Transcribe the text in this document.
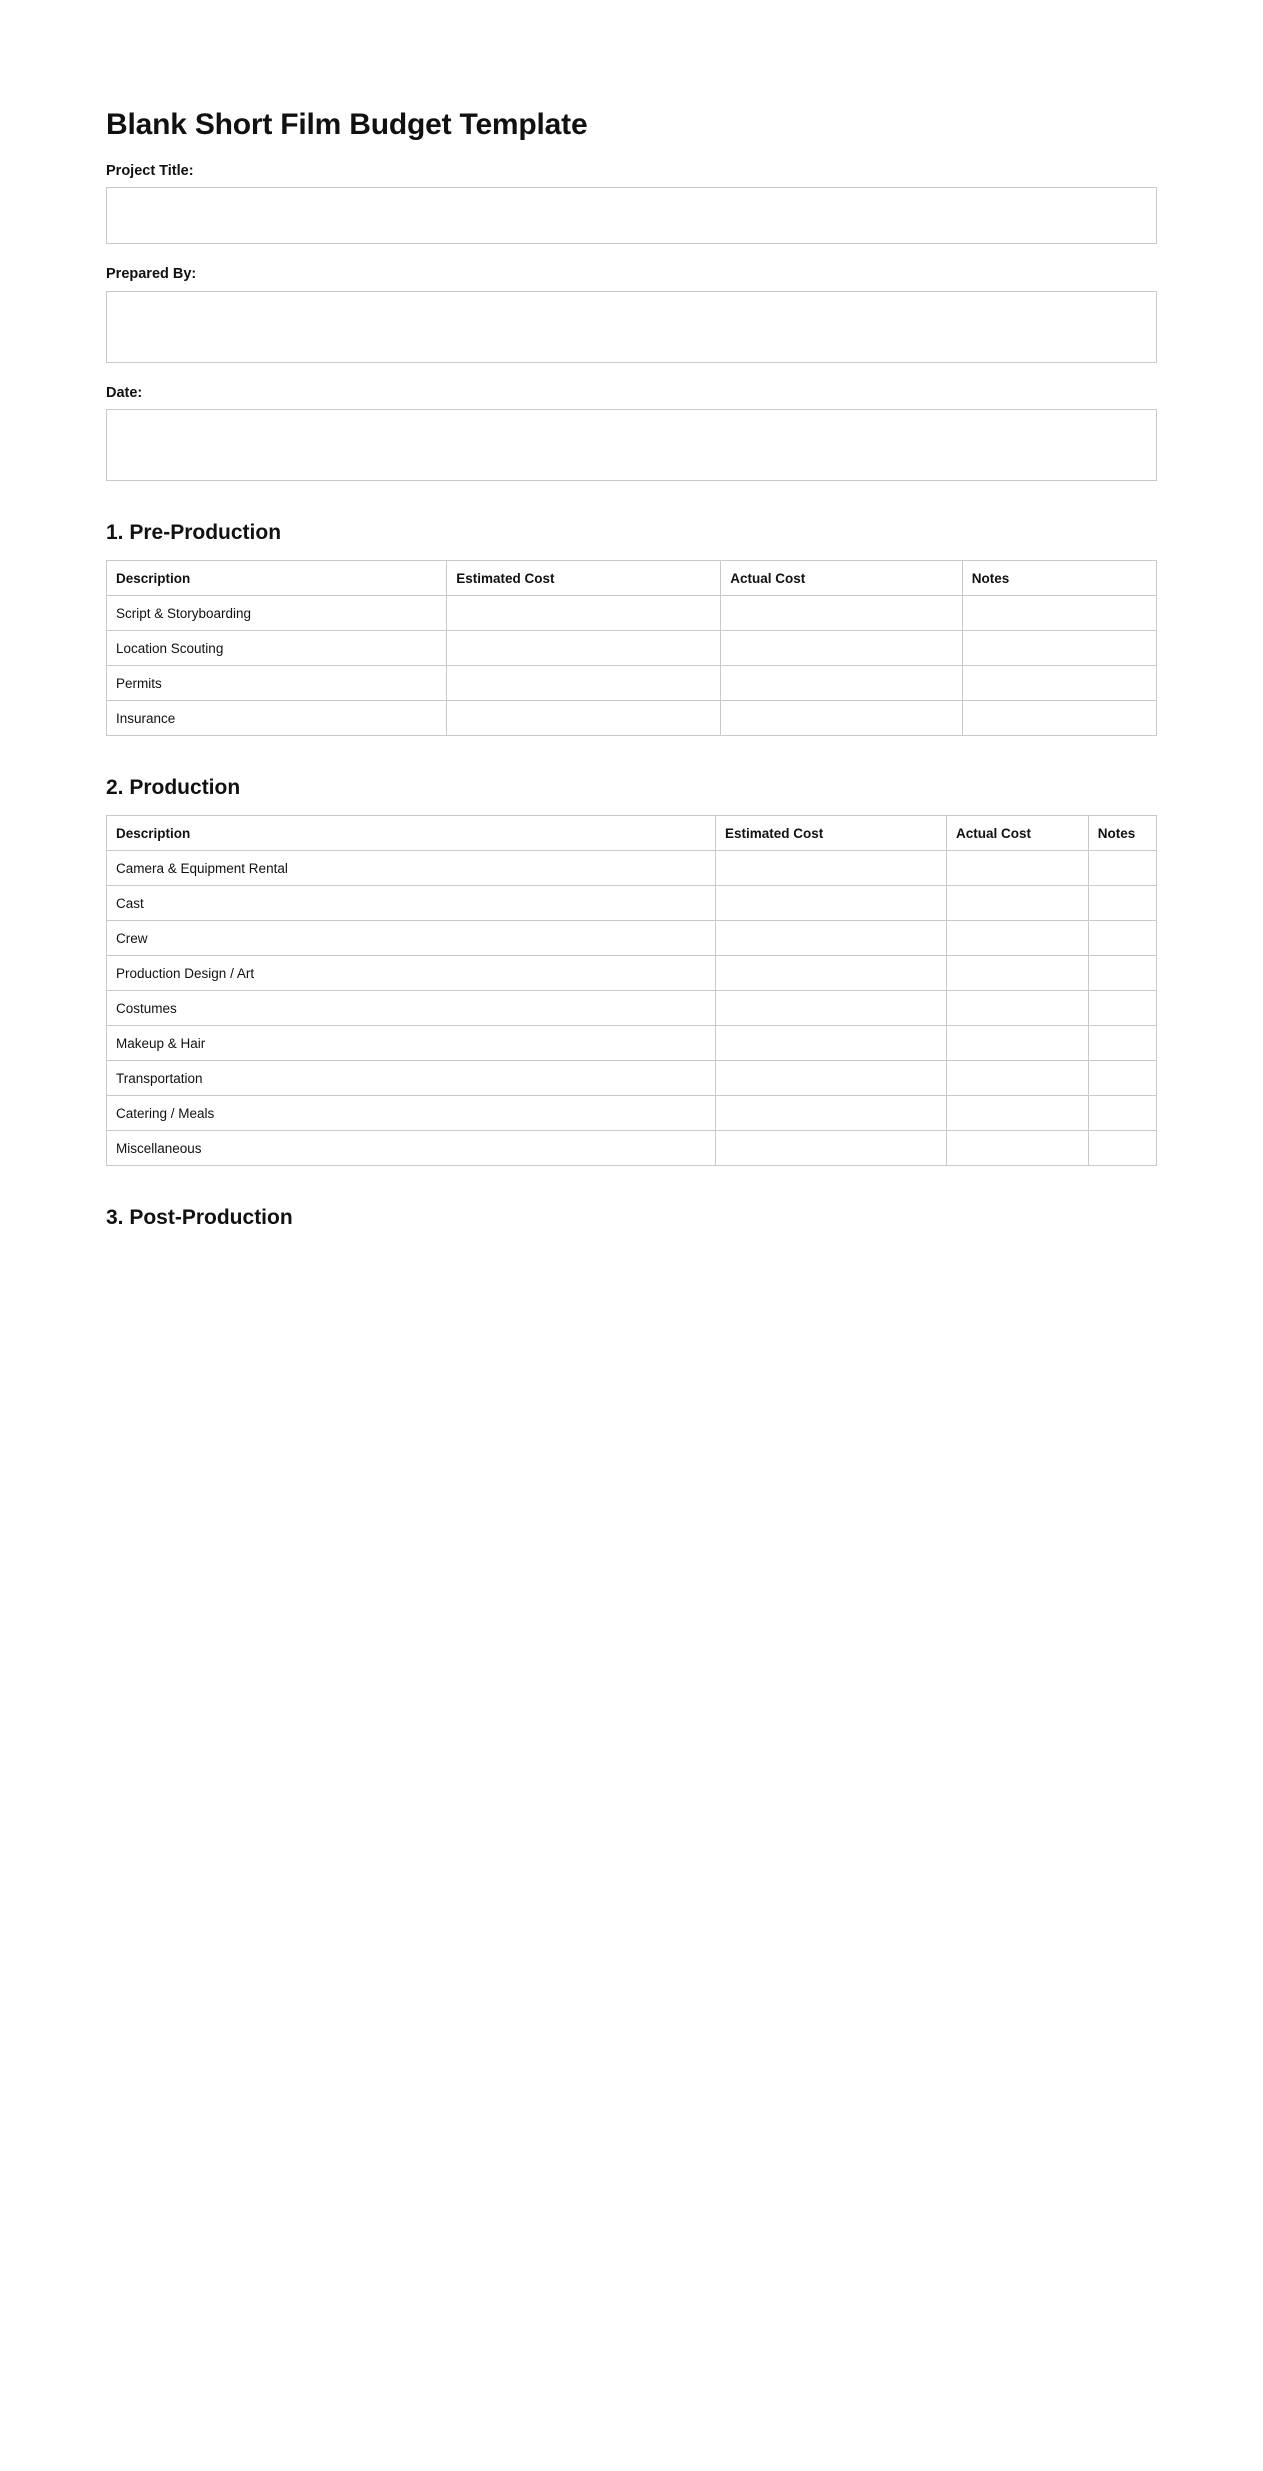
Blank Short Film Budget Template
Project Title:
Prepared By:
Date:
1. Pre-Production
Description	Estimated Cost	Actual Cost	Notes
Script & Storyboarding			
Location Scouting			
Permits			
Insurance			
2. Production
Description	Estimated Cost	Actual Cost	Notes
Camera & Equipment Rental			
Cast			
Crew			
Production Design / Art			
Costumes			
Makeup & Hair			
Transportation			
Catering / Meals			
Miscellaneous			
3. Post-Production
